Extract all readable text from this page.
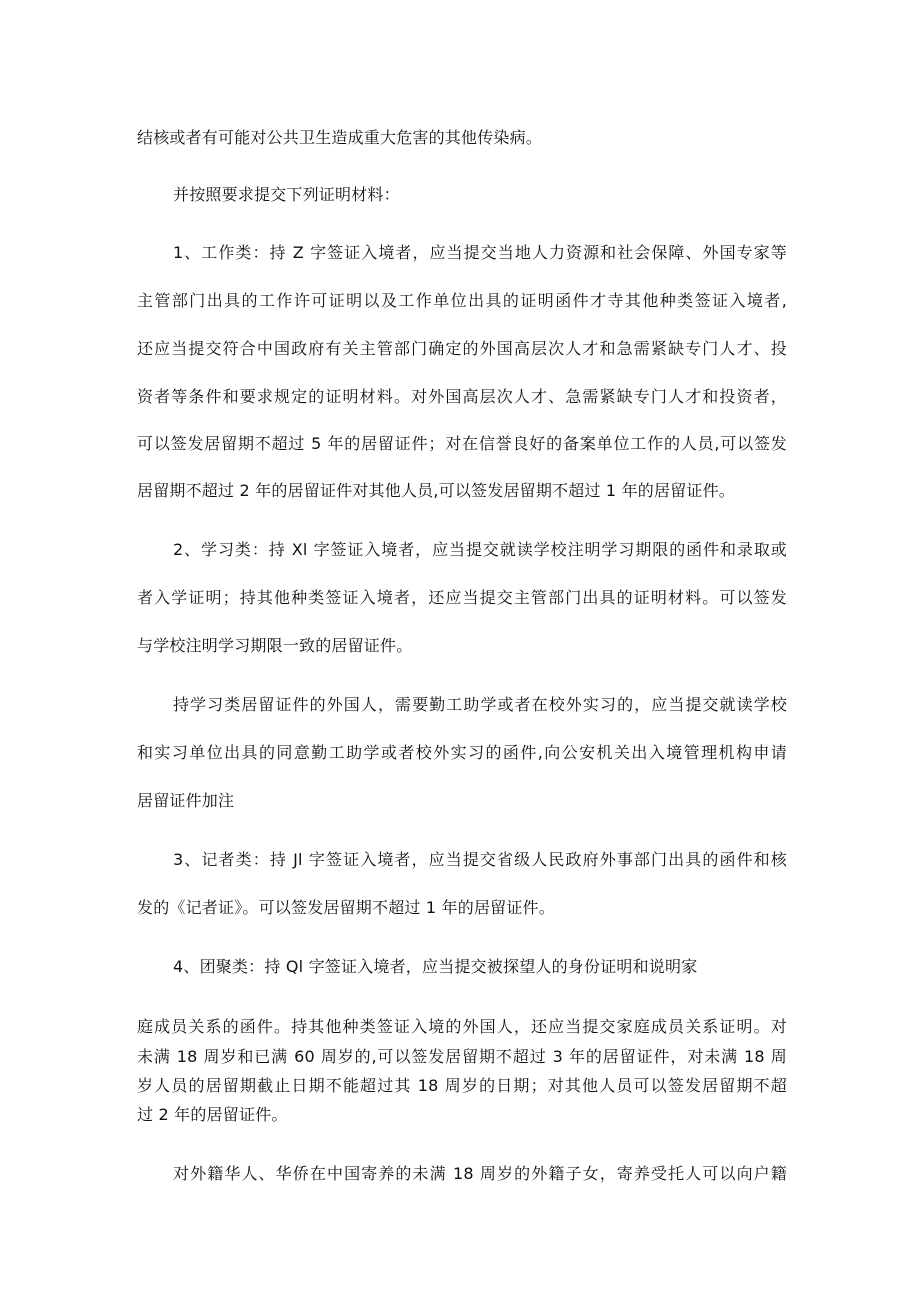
结核或者有可能对公共卫生造成重大危害的其他传染病。
并按照要求提交下列证明材料：
1、工作类：持 Z 字签证入境者，应当提交当地人力资源和社会保障、外国专家等
主管部门出具的工作许可证明以及工作单位出具的证明函件才寺其他种类签证入境者,
还应当提交符合中国政府有关主管部门确定的外国高层次人才和急需紧缺专门人才、投
资者等条件和要求规定的证明材料。对外国高层次人才、急需紧缺专门人才和投资者，
可以签发居留期不超过 5 年的居留证件；对在信誉良好的备案单位工作的人员,可以签发
居留期不超过 2 年的居留证件对其他人员,可以签发居留期不超过 1 年的居留证件。
2、学习类：持 Xl 字签证入境者，应当提交就读学校注明学习期限的函件和录取或
者入学证明；持其他种类签证入境者，还应当提交主管部门出具的证明材料。可以签发
与学校注明学习期限一致的居留证件。
持学习类居留证件的外国人，需要勤工助学或者在校外实习的，应当提交就读学校
和实习单位出具的同意勤工助学或者校外实习的函件,向公安机关出入境管理机构申请
居留证件加注
3、记者类：持 Jl 字签证入境者，应当提交省级人民政府外事部门出具的函件和核
发的《记者证》。可以签发居留期不超过 1 年的居留证件。
4、团聚类：持 Ql 字签证入境者，应当提交被探望人的身份证明和说明家
庭成员关系的函件。持其他种类签证入境的外国人，还应当提交家庭成员关系证明。对
未满 18 周岁和已满 60 周岁的,可以签发居留期不超过 3 年的居留证件，对未满 18 周
岁人员的居留期截止日期不能超过其 18 周岁的日期；对其他人员可以签发居留期不超
过 2 年的居留证件。
对外籍华人、华侨在中国寄养的未满 18 周岁的外籍子女，寄养受托人可以向户籍
